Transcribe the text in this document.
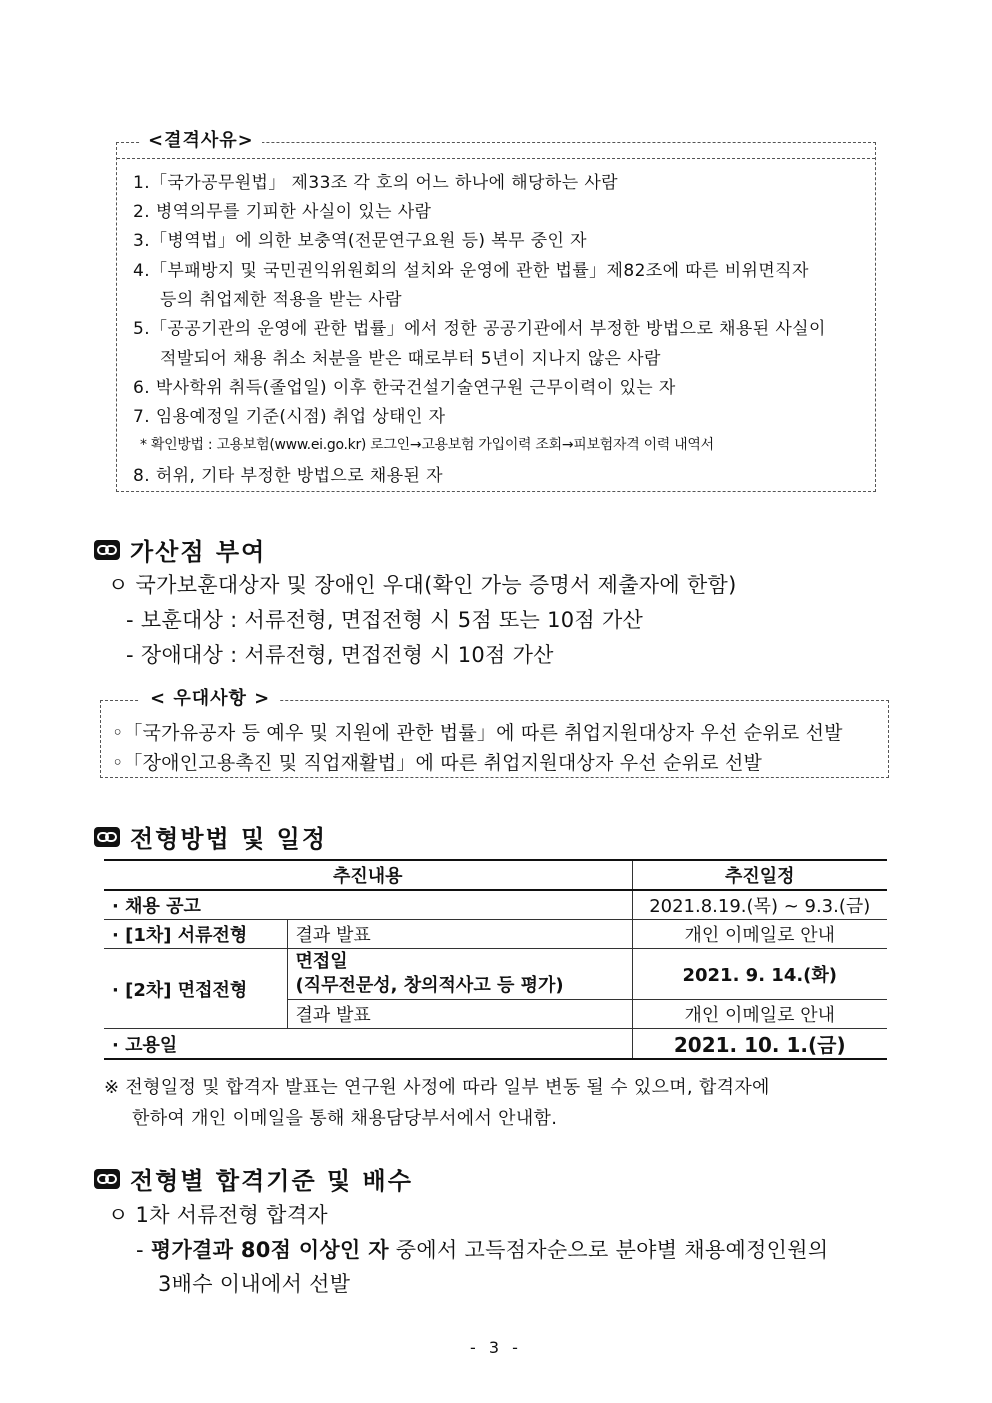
<결격사유>
1.「국가공무원법」 제33조 각 호의 어느 하나에 해당하는 사람
2. 병역의무를 기피한 사실이 있는 사람
3.「병역법」에 의한 보충역(전문연구요원 등) 복무 중인 자
4.「부패방지 및 국민권익위원회의 설치와 운영에 관한 법률」제82조에 따른 비위면직자
등의 취업제한 적용을 받는 사람
5.「공공기관의 운영에 관한 법률」에서 정한 공공기관에서 부정한 방법으로 채용된 사실이
적발되어 채용 취소 처분을 받은 때로부터 5년이 지나지 않은 사람
6. 박사학위 취득(졸업일) 이후 한국건설기술연구원 근무이력이 있는 자
7. 임용예정일 기준(시점) 취업 상태인 자
* 확인방법 : 고용보험(www.ei.go.kr) 로그인→고용보험 가입이력 조회→피보험자격 이력 내역서
8. 허위, 기타 부정한 방법으로 채용된 자
가산점 부여
ㅇ 국가보훈대상자 및 장애인 우대(확인 가능 증명서 제출자에 한함)
- 보훈대상 : 서류전형, 면접전형 시 5점 또는 10점 가산
- 장애대상 : 서류전형, 면접전형 시 10점 가산
< 우대사항 >
◦「국가유공자 등 예우 및 지원에 관한 법률」에 따른 취업지원대상자 우선 순위로 선발
◦「장애인고용촉진 및 직업재활법」에 따른 취업지원대상자 우선 순위로 선발
전형방법 및 일정
추진내용		추진일정
· 채용 공고		2021.8.19.(목) ~ 9.3.(금)
· [1차] 서류전형	결과 발표	개인 이메일로 안내
· [2차] 면접전형	면접일
(직무전문성, 창의적사고 등 평가)	2021. 9. 14.(화)
	결과 발표	개인 이메일로 안내
· 고용일		2021. 10. 1.(금)
※ 전형일정 및 합격자 발표는 연구원 사정에 따라 일부 변동 될 수 있으며, 합격자에
한하여 개인 이메일을 통해 채용담당부서에서 안내함.
전형별 합격기준 및 배수
ㅇ 1차 서류전형 합격자
- 평가결과 80점 이상인 자 중에서 고득점자순으로 분야별 채용예정인원의
3배수 이내에서 선발
- 3 -
